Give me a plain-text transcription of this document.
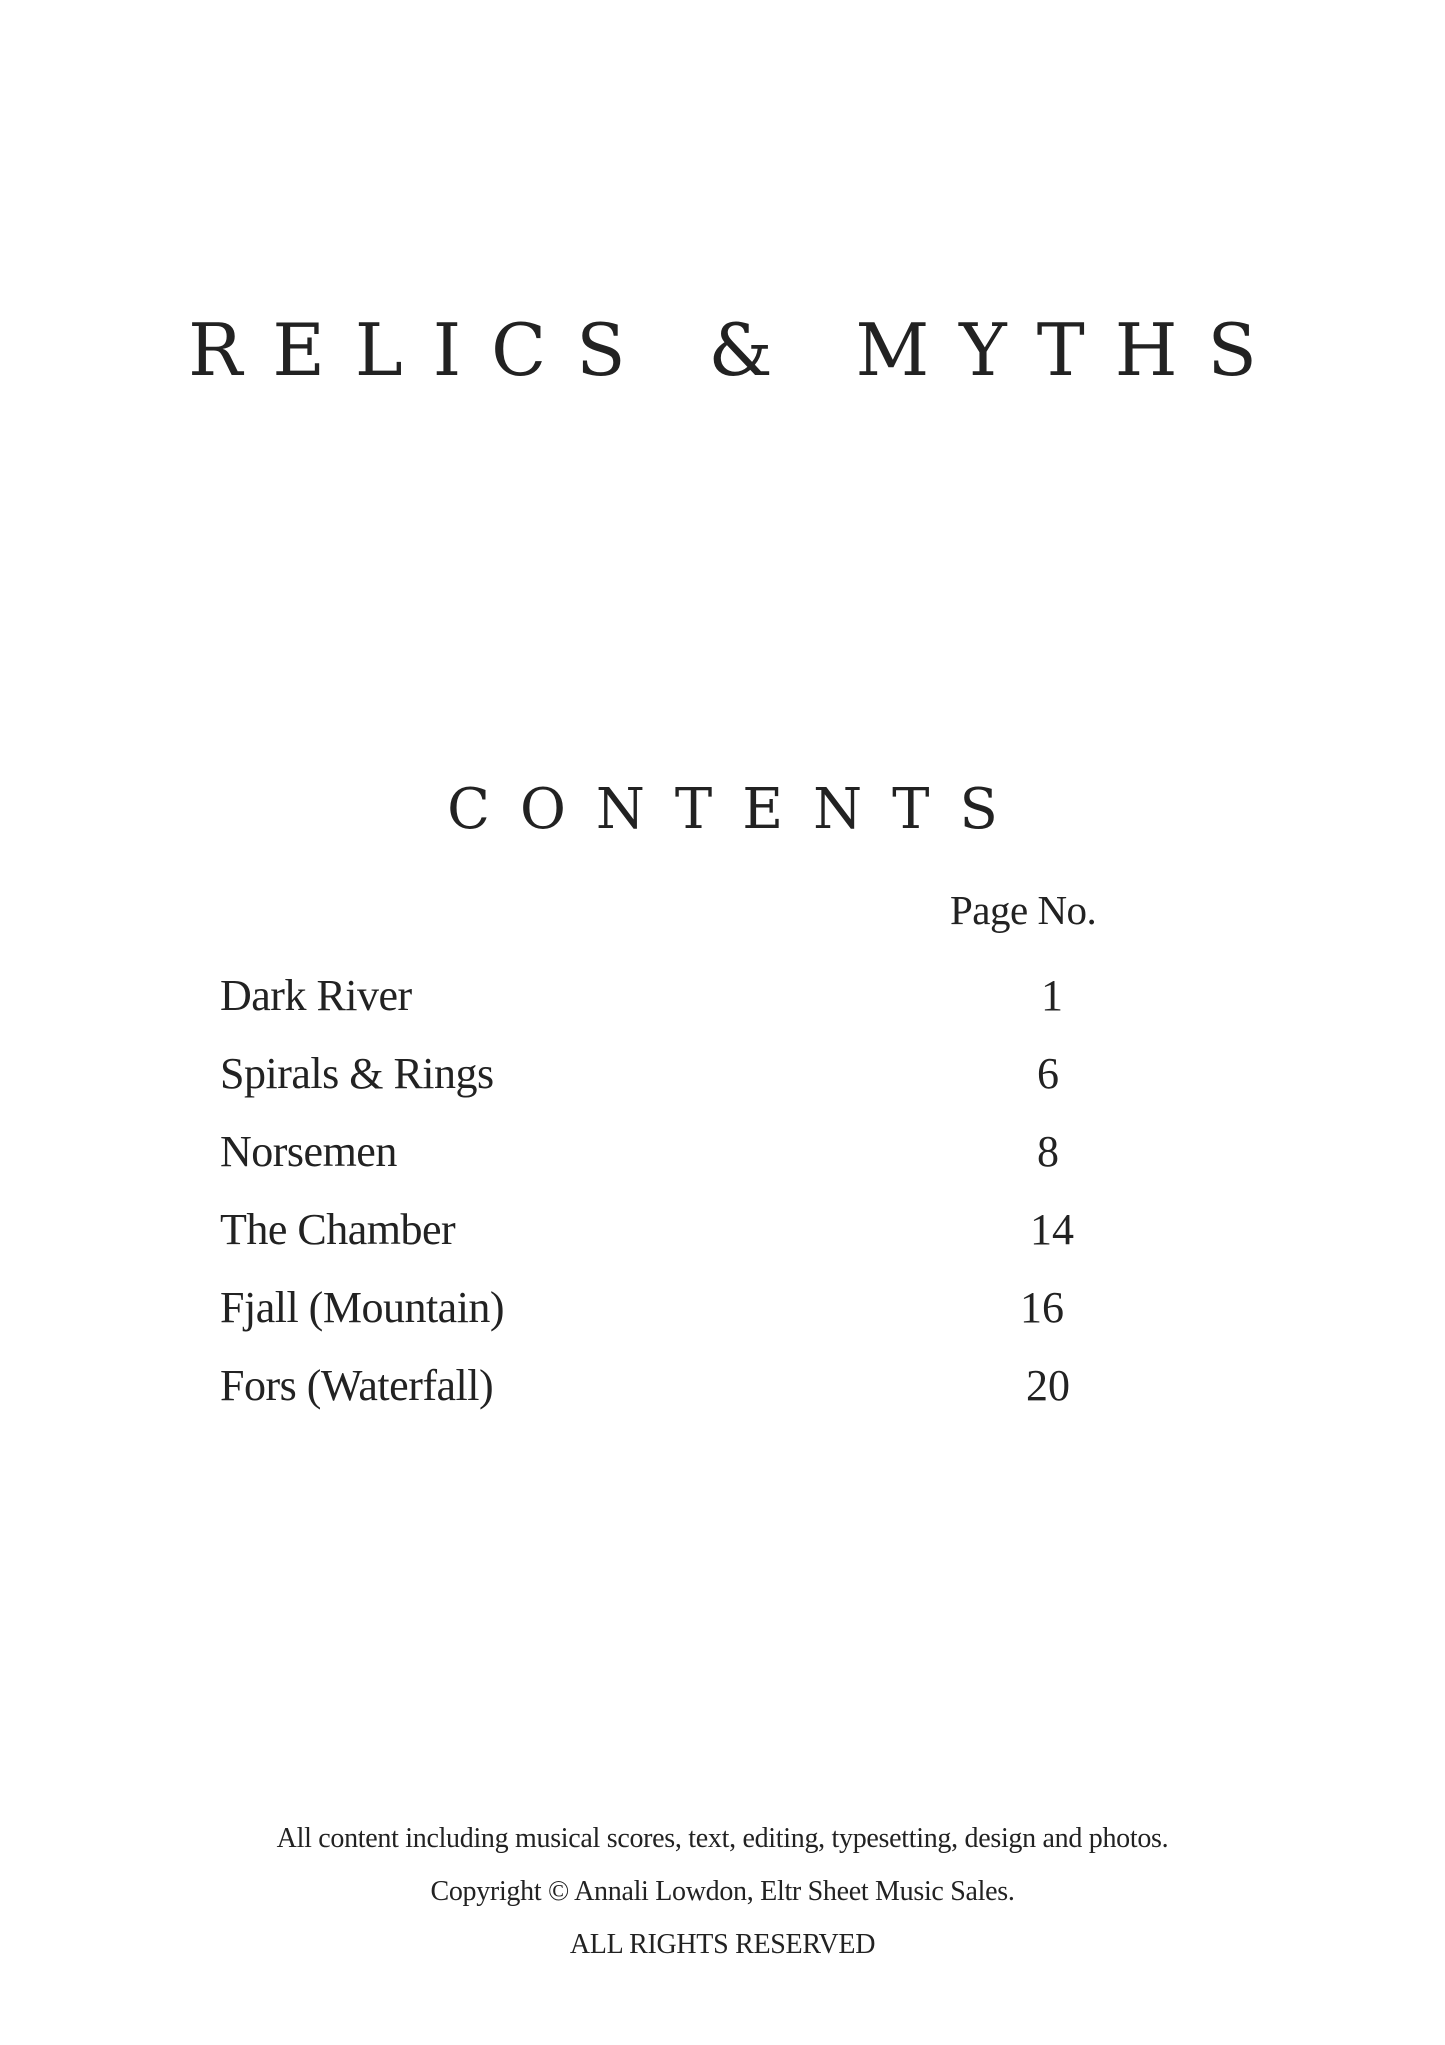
RELICS & MYTHS
CONTENTS
Page No.
Dark River	1
Spirals & Rings	6
Norsemen	8
The Chamber	14
Fjall (Mountain)	16
Fors (Waterfall)	20

All content including musical scores, text, editing, typesetting, design and photos.

Copyright © Annali Lowdon, Eltr Sheet Music Sales.

ALL RIGHTS RESERVED
